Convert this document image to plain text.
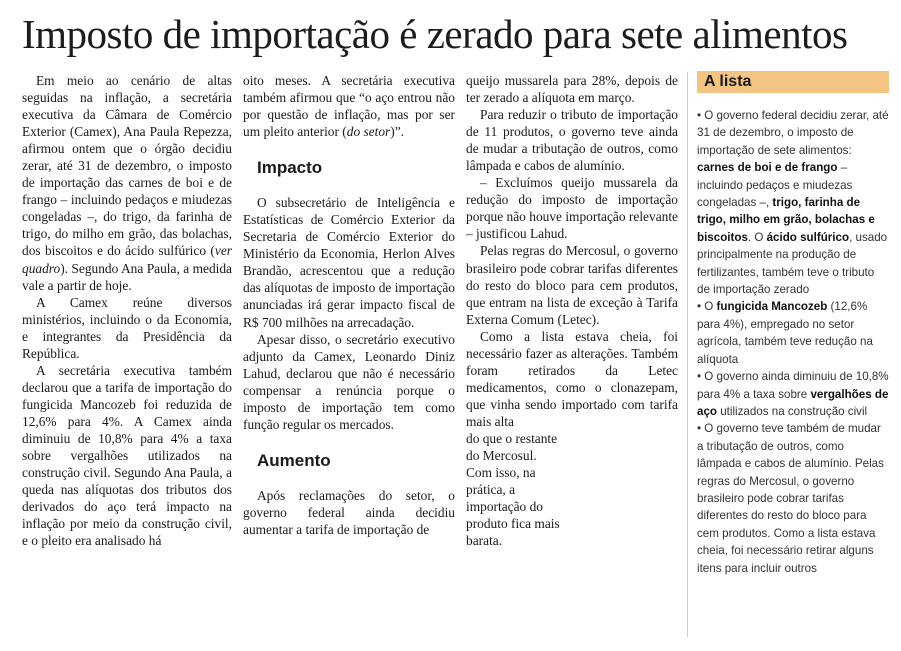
Imposto de importação é zerado para sete alimentos

Em meio ao cenário de altas seguidas na inflação, a secretária executiva da Câmara de Comércio Exterior (Camex), Ana Paula Repezza, afirmou ontem que o órgão decidiu zerar, até 31 de dezembro, o imposto de importação das carnes de boi e de frango – incluindo pedaços e miudezas congeladas –, do trigo, da farinha de trigo, do milho em grão, das bolachas, dos biscoitos e do ácido sulfúrico (ver quadro). Segundo Ana Paula, a medida vale a partir de hoje.

A Camex reúne diversos ministérios, incluindo o da Economia, e integrantes da Presidência da República.

A secretária executiva também declarou que a tarifa de importação do fungicida Mancozeb foi reduzida de 12,6% para 4%. A Camex ainda diminuiu de 10,8% para 4% a taxa sobre vergalhões utilizados na construção civil. Segundo Ana Paula, a queda nas alíquotas dos tributos dos derivados do aço terá impacto na inflação por meio da construção civil, e o pleito era analisado há

oito meses. A secretária executiva também afirmou que “o aço entrou não por questão de inflação, mas por ser um pleito anterior (do setor)”.

Impacto

O subsecretário de Inteligência e Estatísticas de Comércio Exterior da Secretaria de Comércio Exterior do Ministério da Economia, Herlon Alves Brandão, acrescentou que a redução das alíquotas de imposto de importação anunciadas irá gerar impacto fiscal de R$ 700 milhões na arrecadação.

Apesar disso, o secretário executivo adjunto da Camex, Leonardo Diniz Lahud, declarou que não é necessário compensar a renúncia porque o imposto de importação tem como função regular os mercados.

Aumento

Após reclamações do setor, o governo federal ainda decidiu aumentar a tarifa de importação de

queijo mussarela para 28%, depois de ter zerado a alíquota em março.

Para reduzir o tributo de importação de 11 produtos, o governo teve ainda de mudar a tributação de outros, como lâmpada e cabos de alumínio.

– Excluímos queijo mussarela da redução do imposto de importação porque não houve importação relevante – justificou Lahud.

Pelas regras do Mercosul, o governo brasileiro pode cobrar tarifas diferentes do resto do bloco para cem produtos, que entram na lista de exceção à Tarifa Externa Comum (Letec).

Como a lista estava cheia, foi necessário fazer as alterações. Também foram retirados da Letec medicamentos, como o clonazepam, que vinha sendo importado com tarifa mais alta

do que o restante do Mercosul. Com isso, na prática, a importação do produto fica mais barata.

A lista
• O governo federal decidiu zerar, até 31 de dezembro, o imposto de importação de sete alimentos: carnes de boi e de frango – incluindo pedaços e miudezas congeladas –, trigo, farinha de trigo, milho em grão, bolachas e biscoitos. O ácido sulfúrico, usado principalmente na produção de fertilizantes, também teve o tributo de importação zerado
• O fungicida Mancozeb (12,6% para 4%), empregado no setor agrícola, também teve redução na alíquota
• O governo ainda diminuiu de 10,8% para 4% a taxa sobre vergalhões de aço utilizados na construção civil
• O governo teve também de mudar a tributação de outros, como lâmpada e cabos de alumínio. Pelas regras do Mercosul, o governo brasileiro pode cobrar tarifas diferentes do resto do bloco para cem produtos. Como a lista estava cheia, foi necessário retirar alguns itens para incluir outros
